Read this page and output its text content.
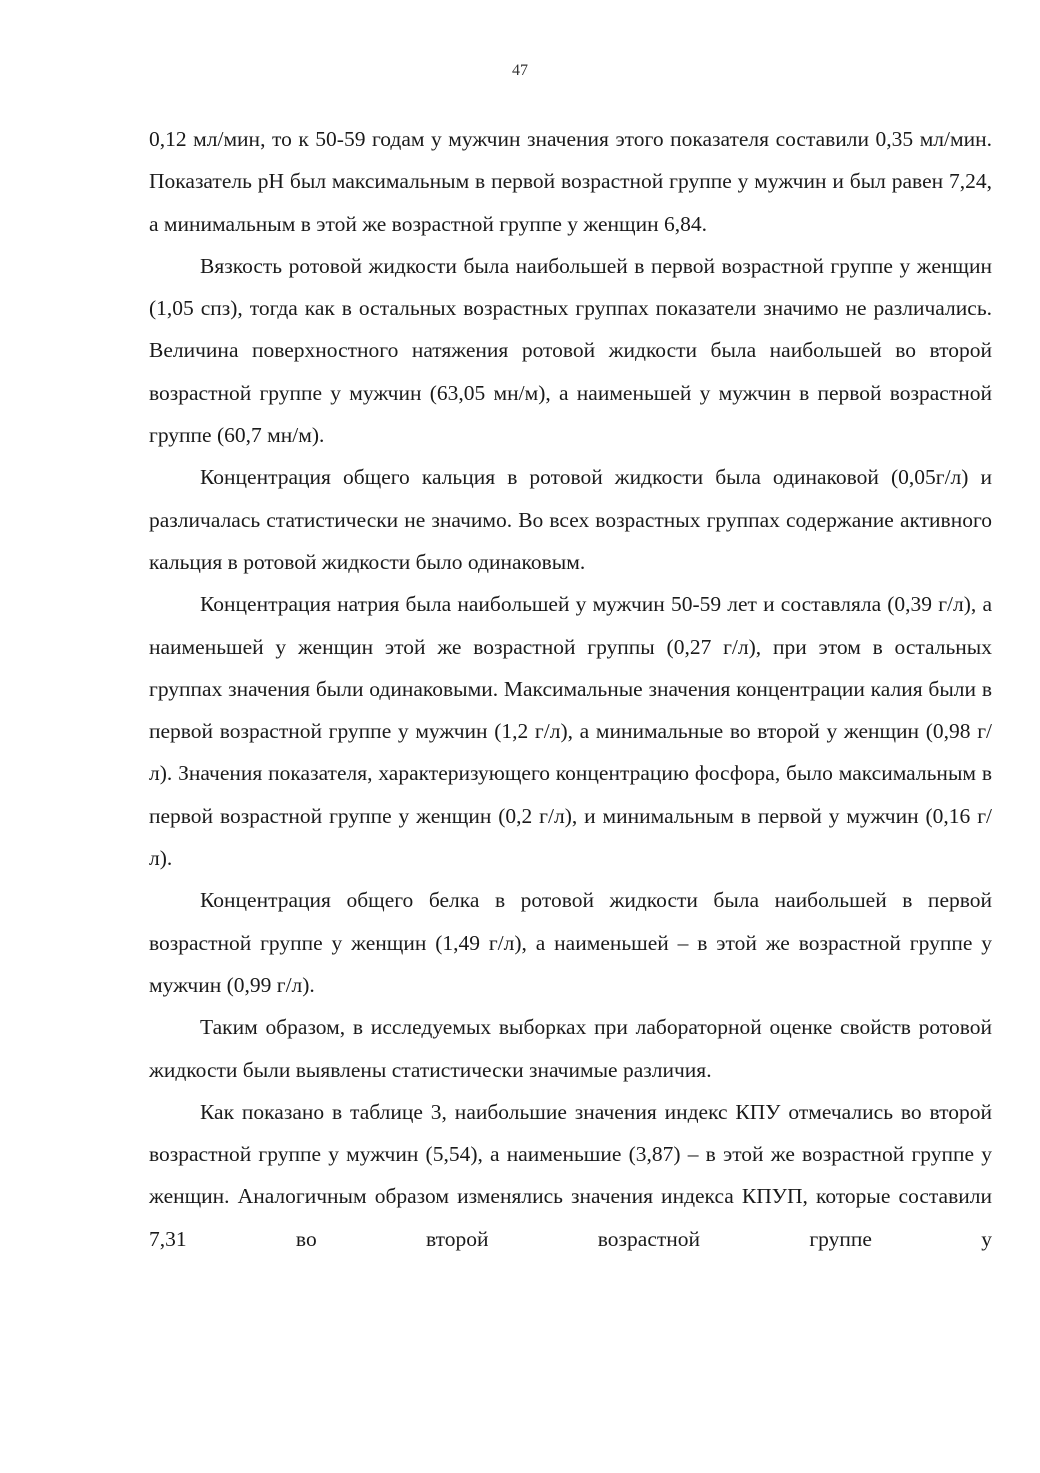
47

0,12 мл/мин, то к 50-59 годам у мужчин значения этого показателя составили 0,35 мл/мин. Показатель pH был максимальным в первой возрастной группе у мужчин и был равен 7,24, а минимальным в этой же возрастной группе у женщин 6,84.

Вязкость ротовой жидкости была наибольшей в первой возрастной группе у женщин (1,05 спз), тогда как в остальных возрастных группах показатели значимо не различались. Величина поверхностного натяжения ротовой жидкости была наибольшей во второй возрастной группе у мужчин (63,05 мн/м), а наименьшей у мужчин в первой возрастной группе (60,7 мн/м).

Концентрация общего кальция в ротовой жидкости была одинаковой (0,05г/л) и различалась статистически не значимо. Во всех возрастных группах содержание активного кальция в ротовой жидкости было одинаковым.

Концентрация натрия была наибольшей у мужчин 50-59 лет и составляла (0,39 г/л), а наименьшей у женщин этой же возрастной группы (0,27 г/л), при этом в остальных группах значения были одинаковыми. Максимальные значения концентрации калия были в первой возрастной группе у мужчин (1,2 г/л), а минимальные во второй у женщин (0,98 г/л). Значения показателя, характеризующего концентрацию фосфора, было максимальным в первой возрастной группе у женщин (0,2 г/л), и минимальным в первой у мужчин (0,16 г/л).

Концентрация общего белка в ротовой жидкости была наибольшей в первой возрастной группе у женщин (1,49 г/л), а наименьшей – в этой же возрастной группе у мужчин (0,99 г/л).

Таким образом, в исследуемых выборках при лабораторной оценке свойств ротовой жидкости были выявлены статистически значимые различия.

Как показано в таблице 3, наибольшие значения индекс КПУ отмечались во второй возрастной группе у мужчин (5,54), а наименьшие (3,87) – в этой же возрастной группе у женщин. Аналогичным образом изменялись значения индекса КПУП, которые составили 7,31 во второй возрастной группе у
